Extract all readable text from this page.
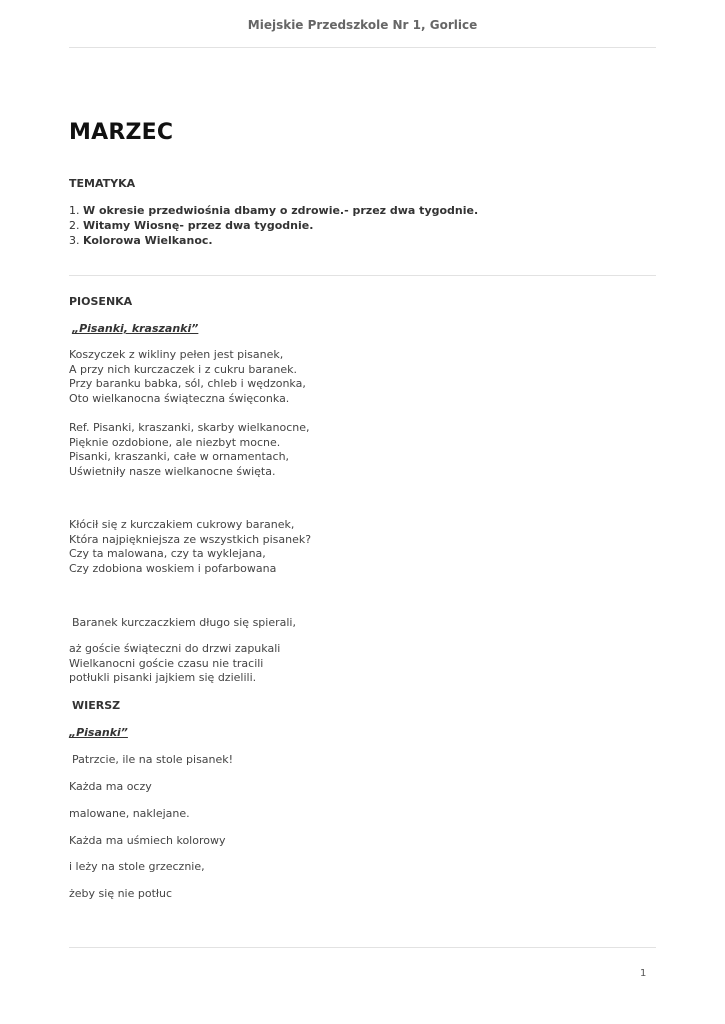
Miejskie Przedszkole Nr 1, Gorlice
MARZEC
TEMATYKA
1. W okresie przedwiośnia dbamy o zdrowie.- przez dwa tygodnie.
2. Witamy Wiosnę- przez dwa tygodnie.
3. Kolorowa Wielkanoc.
PIOSENKA
„Pisanki, kraszanki”
Koszyczek z wikliny pełen jest pisanek,
A przy nich kurczaczek i z cukru baranek.
Przy baranku babka, sól, chleb i wędzonka,
Oto wielkanocna świąteczna święconka.
Ref. Pisanki, kraszanki, skarby wielkanocne,
Pięknie ozdobione, ale niezbyt mocne.
Pisanki, kraszanki, całe w ornamentach,
Uświetniły nasze wielkanocne święta.
Kłócił się z kurczakiem cukrowy baranek,
Która najpiękniejsza ze wszystkich pisanek?
Czy ta malowana, czy ta wyklejana,
Czy zdobiona woskiem i pofarbowana
Baranek kurczaczkiem długo się spierali,
aż goście świąteczni do drzwi zapukali
Wielkanocni goście czasu nie tracili
potłukli pisanki jajkiem się dzielili.
WIERSZ
„Pisanki”
Patrzcie, ile na stole pisanek!
Każda ma oczy
malowane, naklejane.
Każda ma uśmiech kolorowy
i leży na stole grzecznie,
żeby się nie potłuc
1
